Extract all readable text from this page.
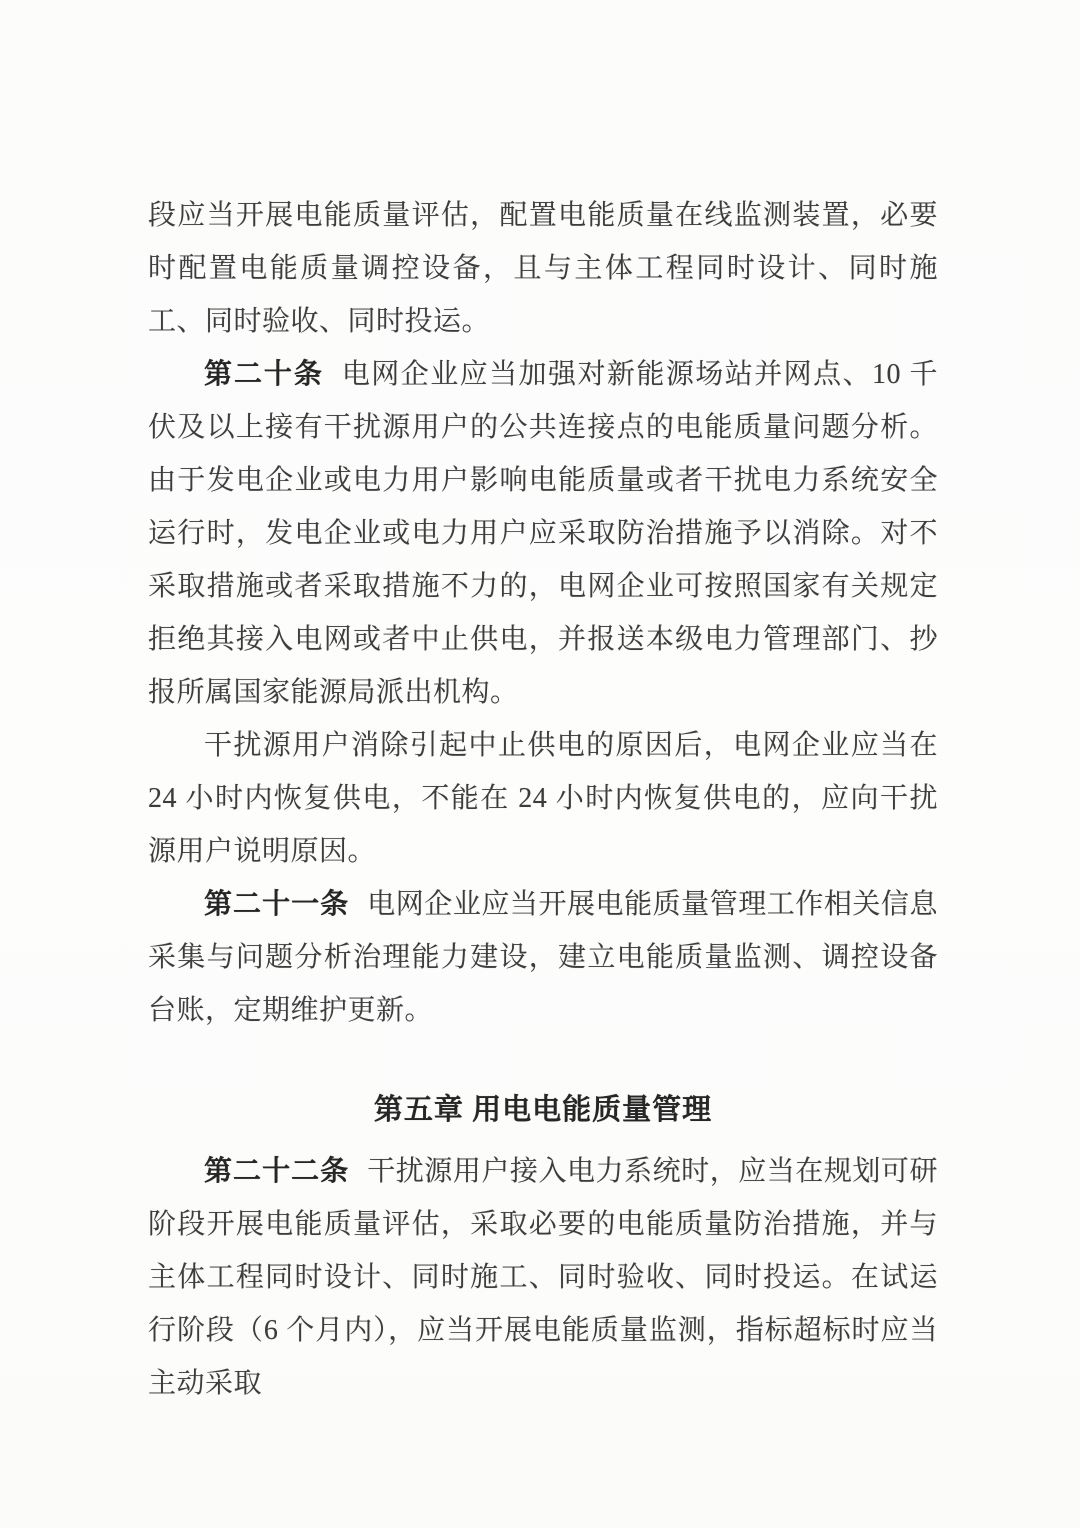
段应当开展电能质量评估，配置电能质量在线监测装置，必要时配置电能质量调控设备，且与主体工程同时设计、同时施工、同时验收、同时投运。

第二十条 电网企业应当加强对新能源场站并网点、10 千伏及以上接有干扰源用户的公共连接点的电能质量问题分析。由于发电企业或电力用户影响电能质量或者干扰电力系统安全运行时，发电企业或电力用户应采取防治措施予以消除。对不采取措施或者采取措施不力的，电网企业可按照国家有关规定拒绝其接入电网或者中止供电，并报送本级电力管理部门、抄报所属国家能源局派出机构。

干扰源用户消除引起中止供电的原因后，电网企业应当在 24 小时内恢复供电，不能在 24 小时内恢复供电的，应向干扰源用户说明原因。

第二十一条 电网企业应当开展电能质量管理工作相关信息采集与问题分析治理能力建设，建立电能质量监测、调控设备台账，定期维护更新。

第五章 用电电能质量管理

第二十二条 干扰源用户接入电力系统时，应当在规划可研阶段开展电能质量评估，采取必要的电能质量防治措施，并与主体工程同时设计、同时施工、同时验收、同时投运。在试运行阶段（6 个月内），应当开展电能质量监测，指标超标时应当主动采取
